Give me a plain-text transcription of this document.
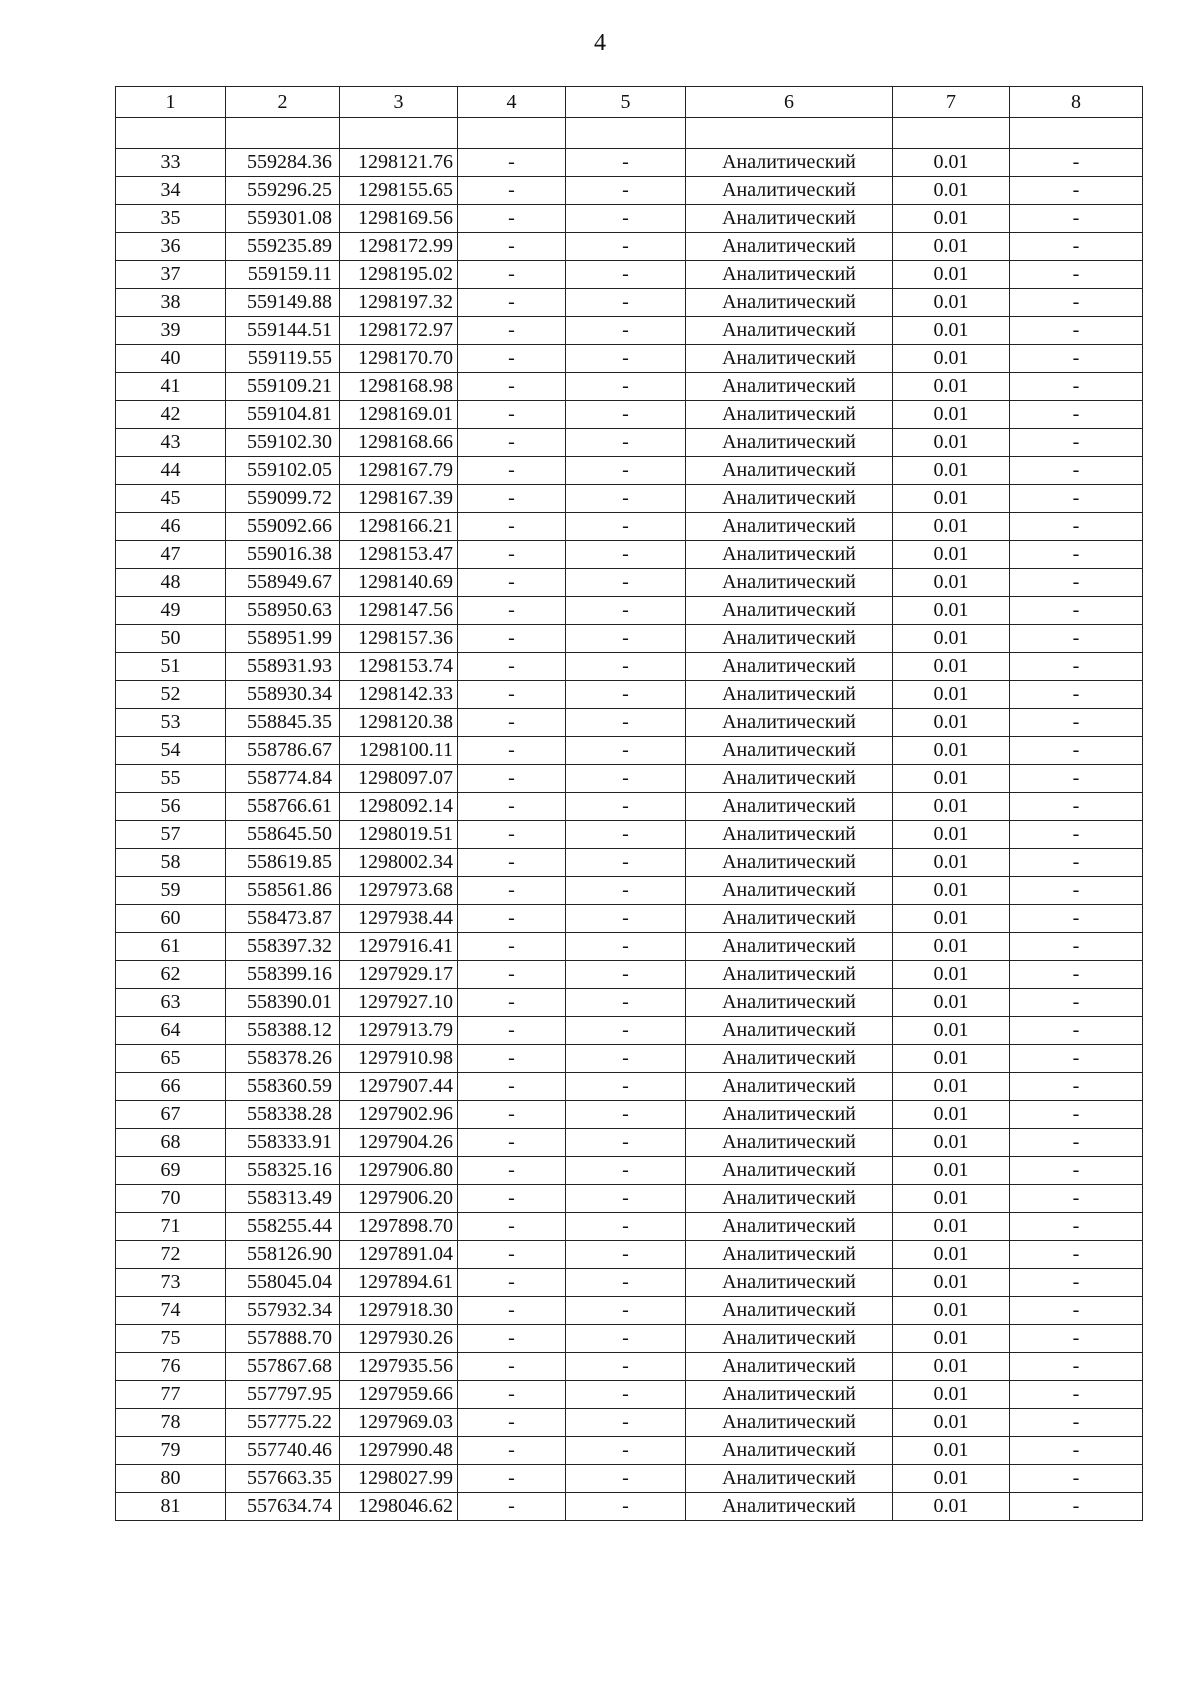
4
1	2	3	4	5	6	7	8

33	559284.36	1298121.76	-	-	Аналитический	0.01	-
34	559296.25	1298155.65	-	-	Аналитический	0.01	-
35	559301.08	1298169.56	-	-	Аналитический	0.01	-
36	559235.89	1298172.99	-	-	Аналитический	0.01	-
37	559159.11	1298195.02	-	-	Аналитический	0.01	-
38	559149.88	1298197.32	-	-	Аналитический	0.01	-
39	559144.51	1298172.97	-	-	Аналитический	0.01	-
40	559119.55	1298170.70	-	-	Аналитический	0.01	-
41	559109.21	1298168.98	-	-	Аналитический	0.01	-
42	559104.81	1298169.01	-	-	Аналитический	0.01	-
43	559102.30	1298168.66	-	-	Аналитический	0.01	-
44	559102.05	1298167.79	-	-	Аналитический	0.01	-
45	559099.72	1298167.39	-	-	Аналитический	0.01	-
46	559092.66	1298166.21	-	-	Аналитический	0.01	-
47	559016.38	1298153.47	-	-	Аналитический	0.01	-
48	558949.67	1298140.69	-	-	Аналитический	0.01	-
49	558950.63	1298147.56	-	-	Аналитический	0.01	-
50	558951.99	1298157.36	-	-	Аналитический	0.01	-
51	558931.93	1298153.74	-	-	Аналитический	0.01	-
52	558930.34	1298142.33	-	-	Аналитический	0.01	-
53	558845.35	1298120.38	-	-	Аналитический	0.01	-
54	558786.67	1298100.11	-	-	Аналитический	0.01	-
55	558774.84	1298097.07	-	-	Аналитический	0.01	-
56	558766.61	1298092.14	-	-	Аналитический	0.01	-
57	558645.50	1298019.51	-	-	Аналитический	0.01	-
58	558619.85	1298002.34	-	-	Аналитический	0.01	-
59	558561.86	1297973.68	-	-	Аналитический	0.01	-
60	558473.87	1297938.44	-	-	Аналитический	0.01	-
61	558397.32	1297916.41	-	-	Аналитический	0.01	-
62	558399.16	1297929.17	-	-	Аналитический	0.01	-
63	558390.01	1297927.10	-	-	Аналитический	0.01	-
64	558388.12	1297913.79	-	-	Аналитический	0.01	-
65	558378.26	1297910.98	-	-	Аналитический	0.01	-
66	558360.59	1297907.44	-	-	Аналитический	0.01	-
67	558338.28	1297902.96	-	-	Аналитический	0.01	-
68	558333.91	1297904.26	-	-	Аналитический	0.01	-
69	558325.16	1297906.80	-	-	Аналитический	0.01	-
70	558313.49	1297906.20	-	-	Аналитический	0.01	-
71	558255.44	1297898.70	-	-	Аналитический	0.01	-
72	558126.90	1297891.04	-	-	Аналитический	0.01	-
73	558045.04	1297894.61	-	-	Аналитический	0.01	-
74	557932.34	1297918.30	-	-	Аналитический	0.01	-
75	557888.70	1297930.26	-	-	Аналитический	0.01	-
76	557867.68	1297935.56	-	-	Аналитический	0.01	-
77	557797.95	1297959.66	-	-	Аналитический	0.01	-
78	557775.22	1297969.03	-	-	Аналитический	0.01	-
79	557740.46	1297990.48	-	-	Аналитический	0.01	-
80	557663.35	1298027.99	-	-	Аналитический	0.01	-
81	557634.74	1298046.62	-	-	Аналитический	0.01	-
